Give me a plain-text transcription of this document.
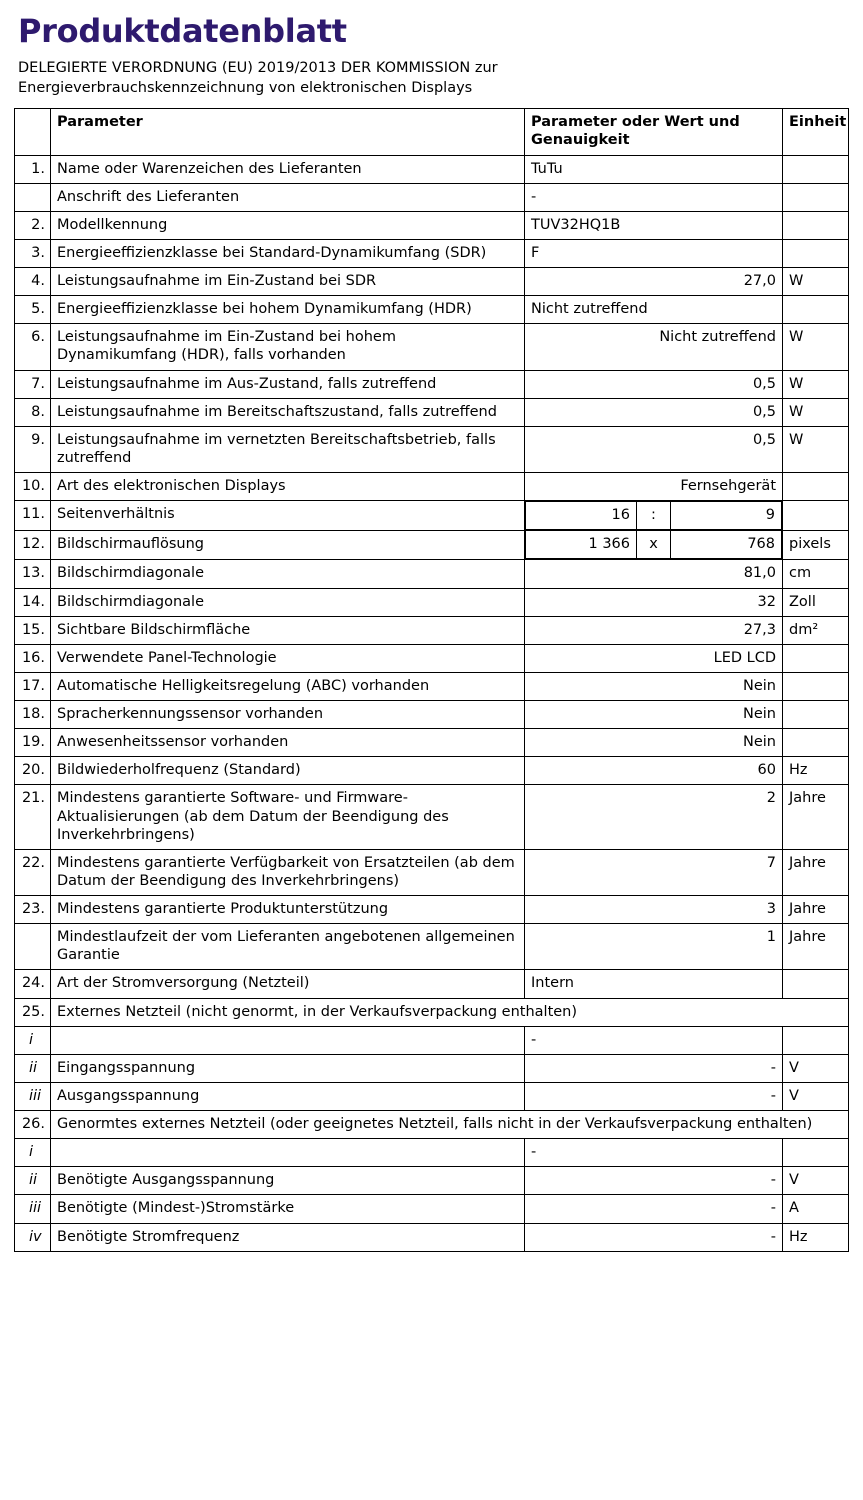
Produktdatenblatt
DELEGIERTE VERORDNUNG (EU) 2019/2013 DER KOMMISSION zur
Energieverbrauchskennzeichnung von elektronischen Displays
	Parameter	Parameter oder Wert und Genauigkeit	Einheit
1.	Name oder Warenzeichen des Lieferanten	TuTu	
	Anschrift des Lieferanten	-	
2.	Modellkennung	TUV32HQ1B	
3.	Energieeffizienzklasse bei Standard-Dynamikumfang (SDR)	F	
4.	Leistungsaufnahme im Ein-Zustand bei SDR	27,0	W
5.	Energieeffizienzklasse bei hohem Dynamikumfang (HDR)	Nicht zutreffend	
6.	Leistungsaufnahme im Ein-Zustand bei hohem Dynamikumfang (HDR), falls vorhanden	Nicht zutreffend	W
7.	Leistungsaufnahme im Aus-Zustand, falls zutreffend	0,5	W
8.	Leistungsaufnahme im Bereitschaftszustand, falls zutreffend	0,5	W
9.	Leistungsaufnahme im vernetzten Bereitschaftsbetrieb, falls zutreffend	0,5	W
10.	Art des elektronischen Displays	Fernsehgerät	
11.	Seitenverhältnis	16 : 9	

12.	Bildschirmauflösung	1 366 x 768	pixels
13.	Bildschirmdiagonale	81,0	cm
14.	Bildschirmdiagonale	32	Zoll
15.	Sichtbare Bildschirmfläche	27,3	dm²
16.	Verwendete Panel-Technologie	LED LCD	
17.	Automatische Helligkeitsregelung (ABC) vorhanden	Nein	
18.	Spracherkennungssensor vorhanden	Nein	
19.	Anwesenheitssensor vorhanden	Nein	
20.	Bildwiederholfrequenz (Standard)	60	Hz
21.	Mindestens garantierte Software- und Firmware-Aktualisierungen (ab dem Datum der Beendigung des Inverkehrbringens)	2	Jahre
22.	Mindestens garantierte Verfügbarkeit von Ersatzteilen (ab dem Datum der Beendigung des Inverkehrbringens)	7	Jahre
23.	Mindestens garantierte Produktunterstützung	3	Jahre
	Mindestlaufzeit der vom Lieferanten angebotenen allgemeinen Garantie	1	Jahre
24.	Art der Stromversorgung (Netzteil)	Intern	
25.	Externes Netzteil (nicht genormt, in der Verkaufsverpackung enthalten)		
i		-	
ii	Eingangsspannung	-	V
iii	Ausgangsspannung	-	V
26.	Genormtes externes Netzteil (oder geeignetes Netzteil, falls nicht in der Verkaufsverpackung enthalten)		
i		-	
ii	Benötigte Ausgangsspannung	-	V
iii	Benötigte (Mindest-)Stromstärke	-	A
iv	Benötigte Stromfrequenz	-	Hz
